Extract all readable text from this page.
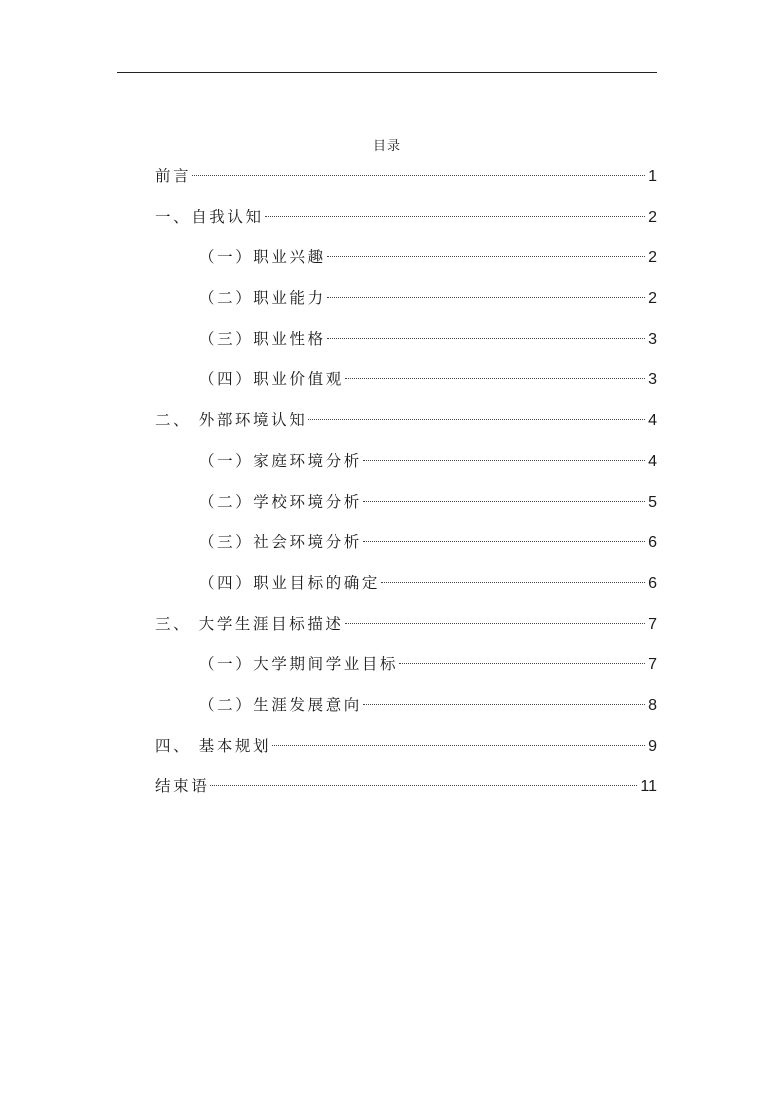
目录
前言	1
一、自我认知	2
（一）职业兴趣	2
（二）职业能力	2
（三）职业性格	3
（四）职业价值观	3
二、 外部环境认知	4
（一）家庭环境分析	4
（二）学校环境分析	5
（三）社会环境分析	6
（四）职业目标的确定	6
三、 大学生涯目标描述	7
（一）大学期间学业目标	7
（二）生涯发展意向	8
四、 基本规划	9
结束语	11
